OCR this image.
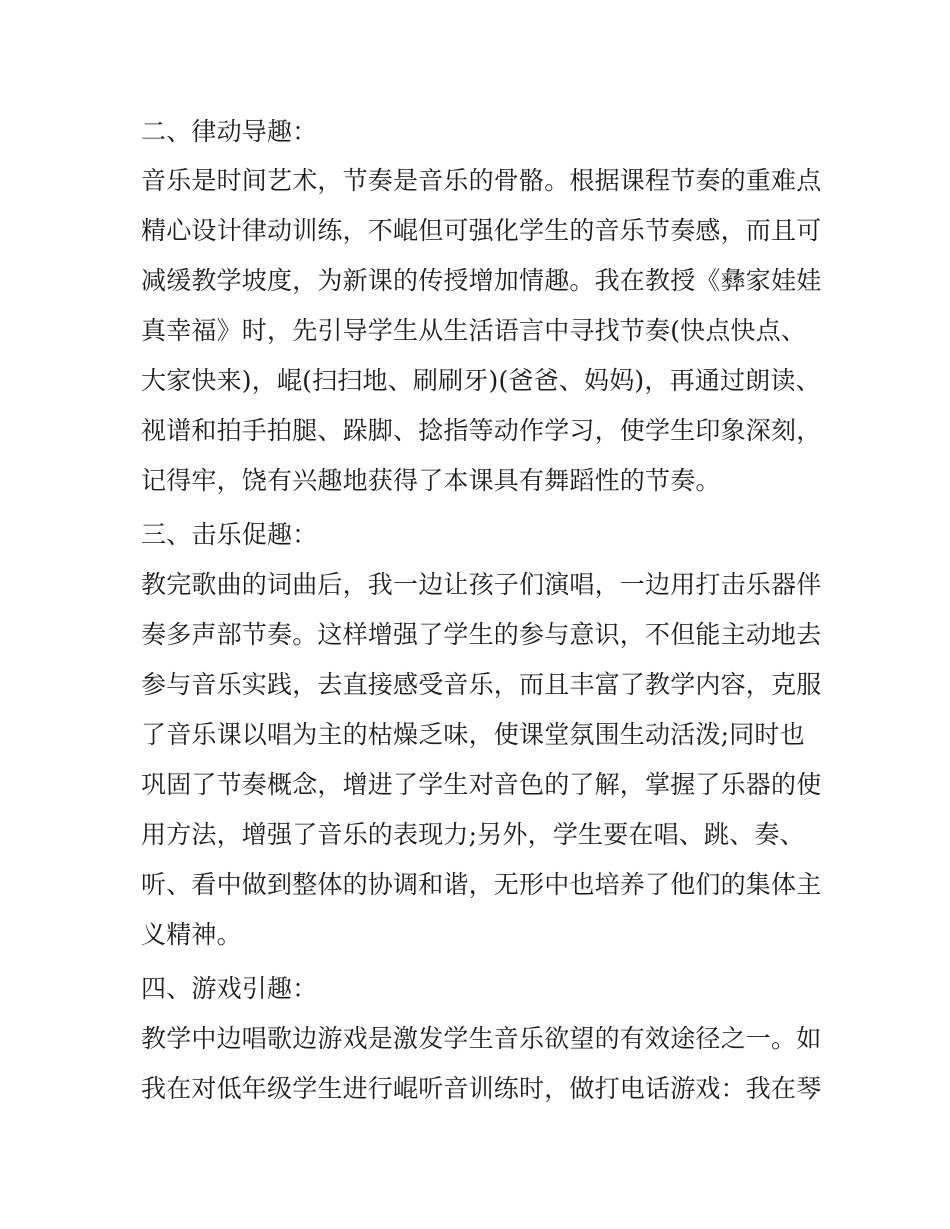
二、律动导趣：
音乐是时间艺术，节奏是音乐的骨骼。根据课程节奏的重难点
精心设计律动训练，不崐但可强化学生的音乐节奏感，而且可
减缓教学坡度，为新课的传授增加情趣。我在教授《彝家娃娃
真幸福》时，先引导学生从生活语言中寻找节奏(快点快点、
大家快来)，崐(扫扫地、刷刷牙)(爸爸、妈妈)，再通过朗读、
视谱和拍手拍腿、跺脚、捻指等动作学习，使学生印象深刻，
记得牢，饶有兴趣地获得了本课具有舞蹈性的节奏。
三、击乐促趣：
教完歌曲的词曲后，我一边让孩子们演唱，一边用打击乐器伴
奏多声部节奏。这样增强了学生的参与意识，不但能主动地去
参与音乐实践，去直接感受音乐，而且丰富了教学内容，克服
了音乐课以唱为主的枯燥乏味，使课堂氛围生动活泼;同时也
巩固了节奏概念，增进了学生对音色的了解，掌握了乐器的使
用方法，增强了音乐的表现力;另外，学生要在唱、跳、奏、
听、看中做到整体的协调和谐，无形中也培养了他们的集体主
义精神。
四、游戏引趣：
教学中边唱歌边游戏是激发学生音乐欲望的有效途径之一。如
我在对低年级学生进行崐听音训练时，做打电话游戏：我在琴
